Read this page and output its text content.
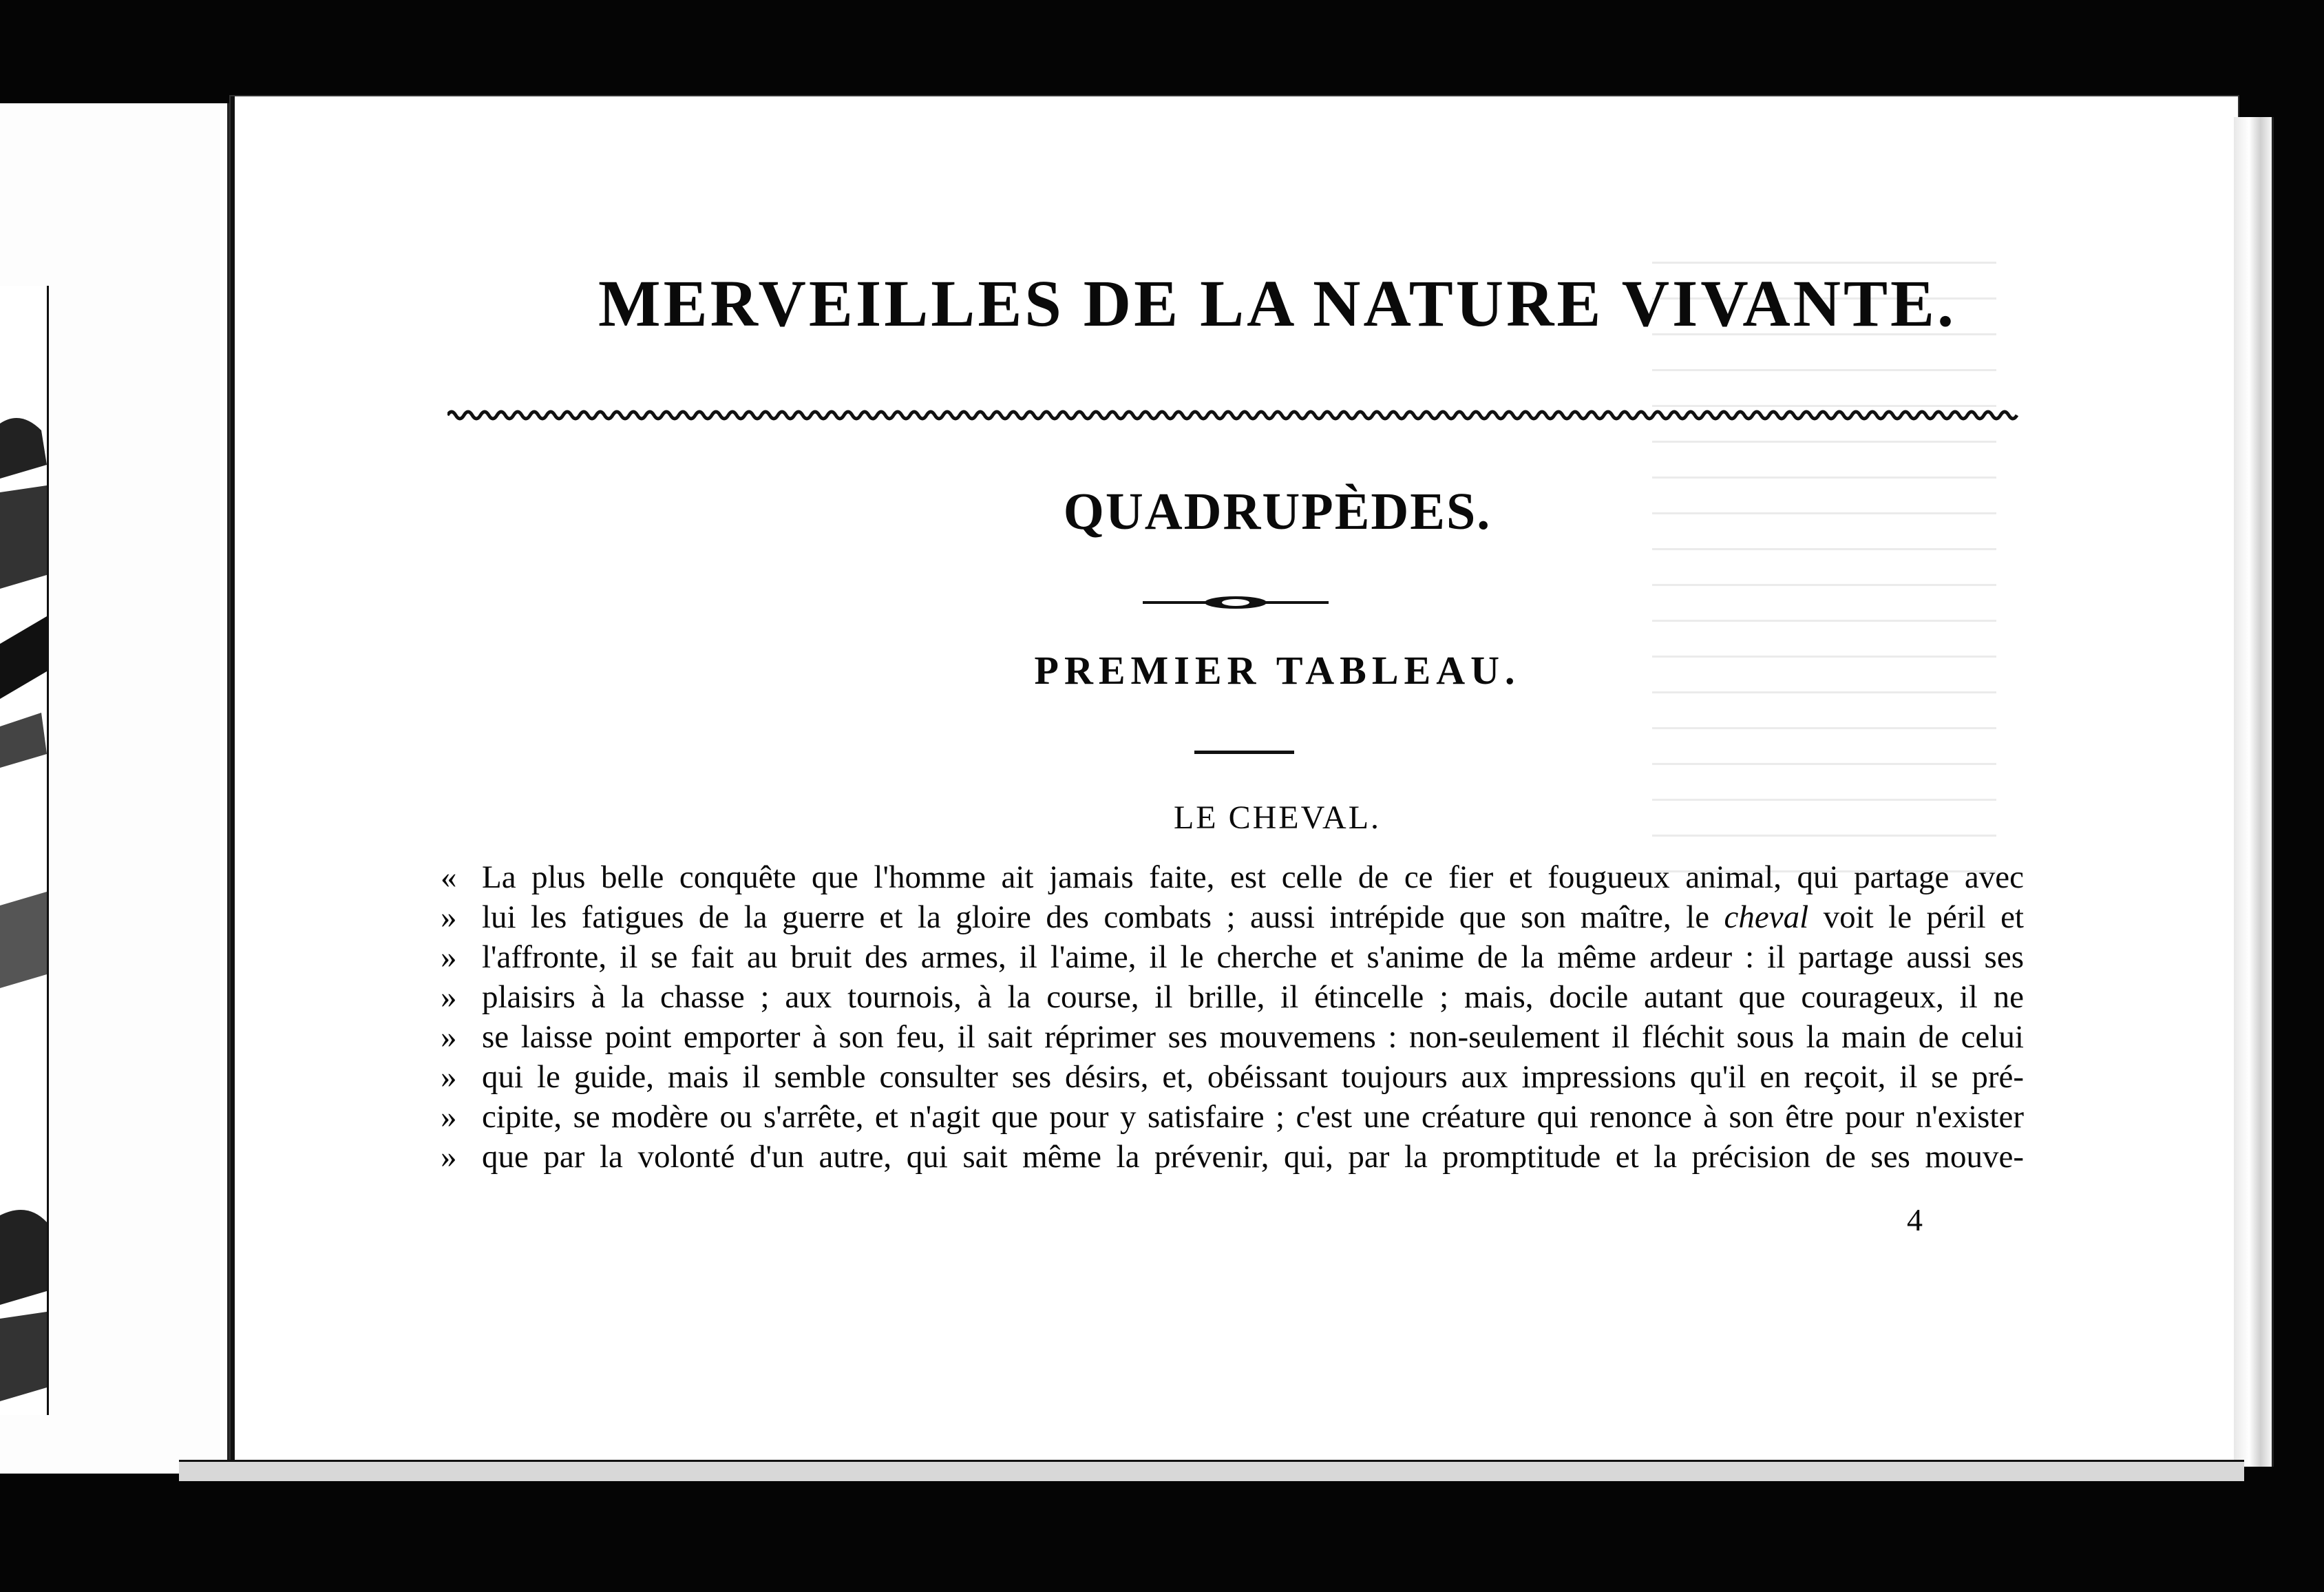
MERVEILLES DE LA NATURE VIVANTE.
QUADRUPÈDES.
PREMIER TABLEAU.
LE CHEVAL.
« La plus belle conquête que l'homme ait jamais faite, est celle de ce fier et fougueux animal, qui partage avec
» lui les fatigues de la guerre et la gloire des combats ; aussi intrépide que son maître, le cheval voit le péril et
» l'affronte, il se fait au bruit des armes, il l'aime, il le cherche et s'anime de la même ardeur : il partage aussi ses
» plaisirs à la chasse ; aux tournois, à la course, il brille, il étincelle ; mais, docile autant que courageux, il ne
» se laisse point emporter à son feu, il sait réprimer ses mouvemens : non-seulement il fléchit sous la main de celui
» qui le guide, mais il semble consulter ses désirs, et, obéissant toujours aux impressions qu'il en reçoit, il se pré-
» cipite, se modère ou s'arrête, et n'agit que pour y satisfaire ; c'est une créature qui renonce à son être pour n'exister
» que par la volonté d'un autre, qui sait même la prévenir, qui, par la promptitude et la précision de ses mouve-
4
